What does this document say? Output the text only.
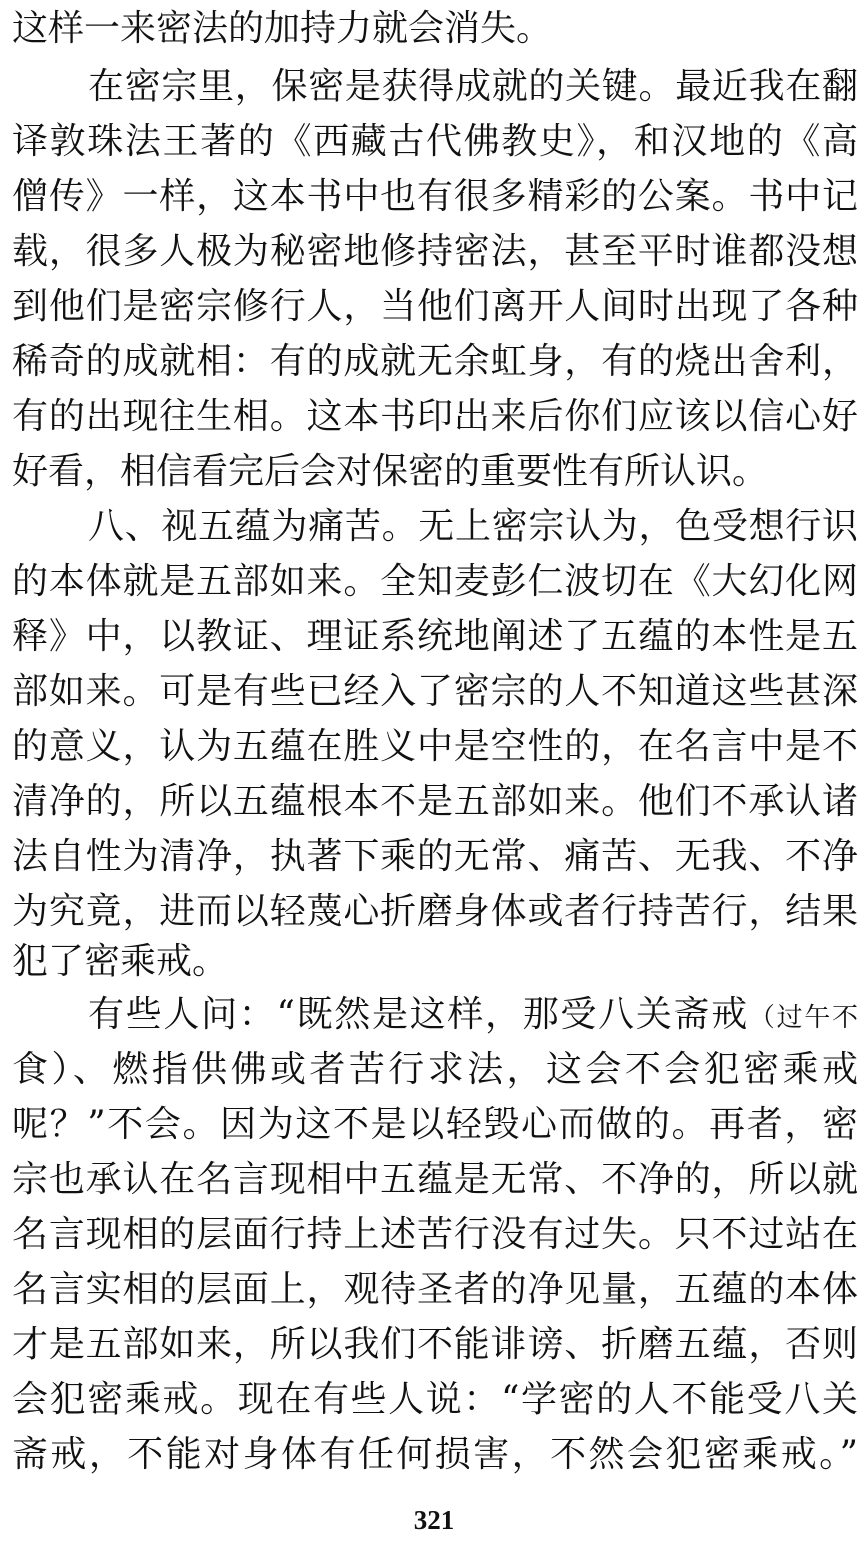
这样一来密法的加持力就会消失。
在密宗里，保密是获得成就的关键。最近我在翻
译敦珠法王著的《西藏古代佛教史》，和汉地的《高
僧传》一样，这本书中也有很多精彩的公案。书中记
载，很多人极为秘密地修持密法，甚至平时谁都没想
到他们是密宗修行人，当他们离开人间时出现了各种
稀奇的成就相：有的成就无余虹身，有的烧出舍利，
有的出现往生相。这本书印出来后你们应该以信心好
好看，相信看完后会对保密的重要性有所认识。
八、视五蕴为痛苦。无上密宗认为，色受想行识
的本体就是五部如来。全知麦彭仁波切在《大幻化网
释》中，以教证、理证系统地阐述了五蕴的本性是五
部如来。可是有些已经入了密宗的人不知道这些甚深
的意义，认为五蕴在胜义中是空性的，在名言中是不
清净的，所以五蕴根本不是五部如来。他们不承认诸
法自性为清净，执著下乘的无常、痛苦、无我、不净
为究竟，进而以轻蔑心折磨身体或者行持苦行，结果
犯了密乘戒。
有些人问：“既然是这样，那受八关斋戒（过午不
食）、燃指供佛或者苦行求法，这会不会犯密乘戒
呢？”不会。因为这不是以轻毁心而做的。再者，密
宗也承认在名言现相中五蕴是无常、不净的，所以就
名言现相的层面行持上述苦行没有过失。只不过站在
名言实相的层面上，观待圣者的净见量，五蕴的本体
才是五部如来，所以我们不能诽谤、折磨五蕴，否则
会犯密乘戒。现在有些人说：“学密的人不能受八关
斋戒，不能对身体有任何损害，不然会犯密乘戒。”
321
